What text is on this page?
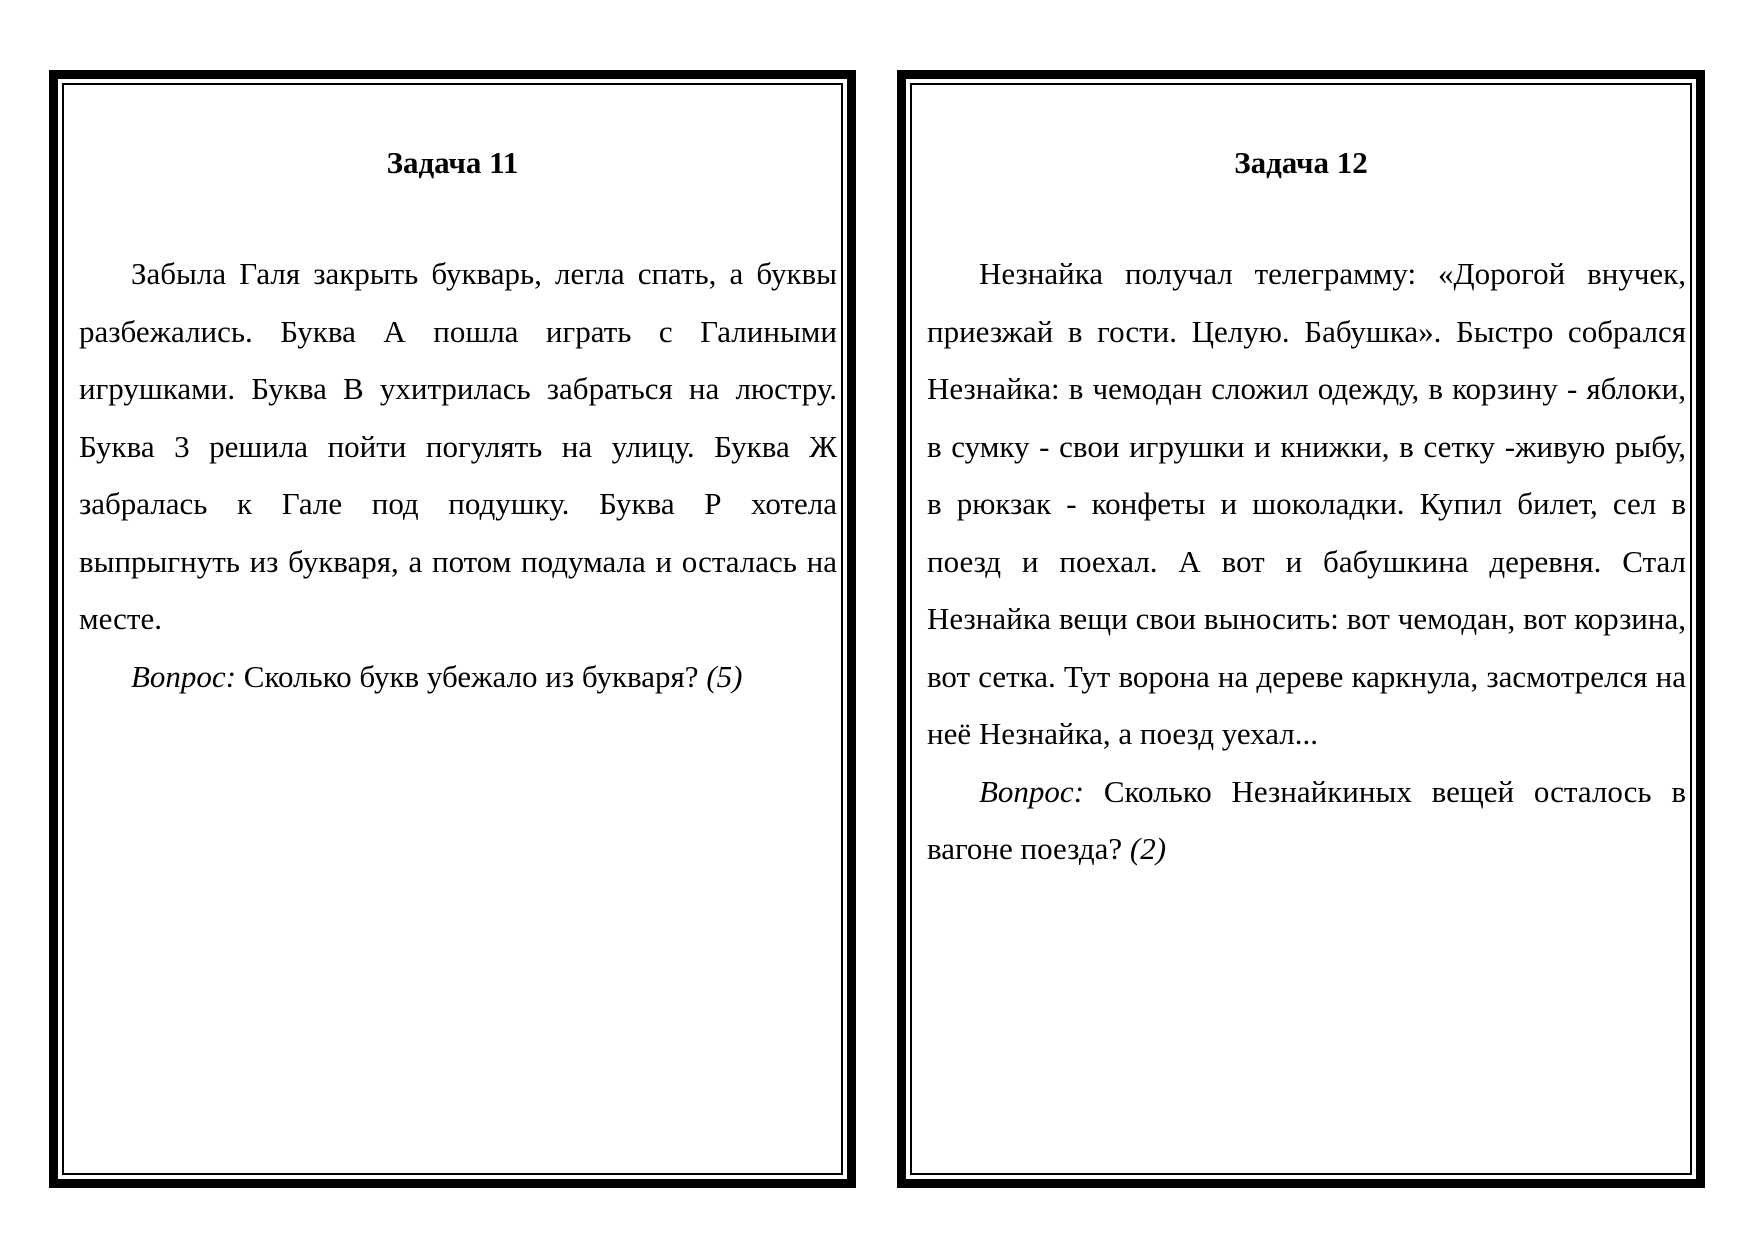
Задача 11

Забыла Галя закрыть букварь, легла спать, а буквы разбежались. Буква А пошла играть с Галиными игрушками. Буква В ухитрилась забраться на люстру. Буква 3 решила пойти погулять на улицу. Буква Ж забралась к Гале под подушку. Буква Р хотела выпрыгнуть из букваря, а потом подумала и осталась на месте.

Вопрос: Сколько букв убежало из букваря? (5)

Задача 12

Незнайка получал телеграмму: «Дорогой внучек, приезжай в гости. Целую. Бабушка». Быстро собрался Незнайка: в чемодан сложил одежду, в корзину - яблоки, в сумку - свои игрушки и книжки, в сетку -живую рыбу, в рюкзак - конфеты и шоколадки. Купил билет, сел в поезд и поехал. А вот и бабушкина деревня. Стал Незнайка вещи свои выносить: вот чемодан, вот корзина, вот сетка. Тут ворона на дереве каркнула, засмотрелся на неё Незнайка, а поезд уехал...

Вопрос: Сколько Незнайкиных вещей осталось в вагоне поезда? (2)
